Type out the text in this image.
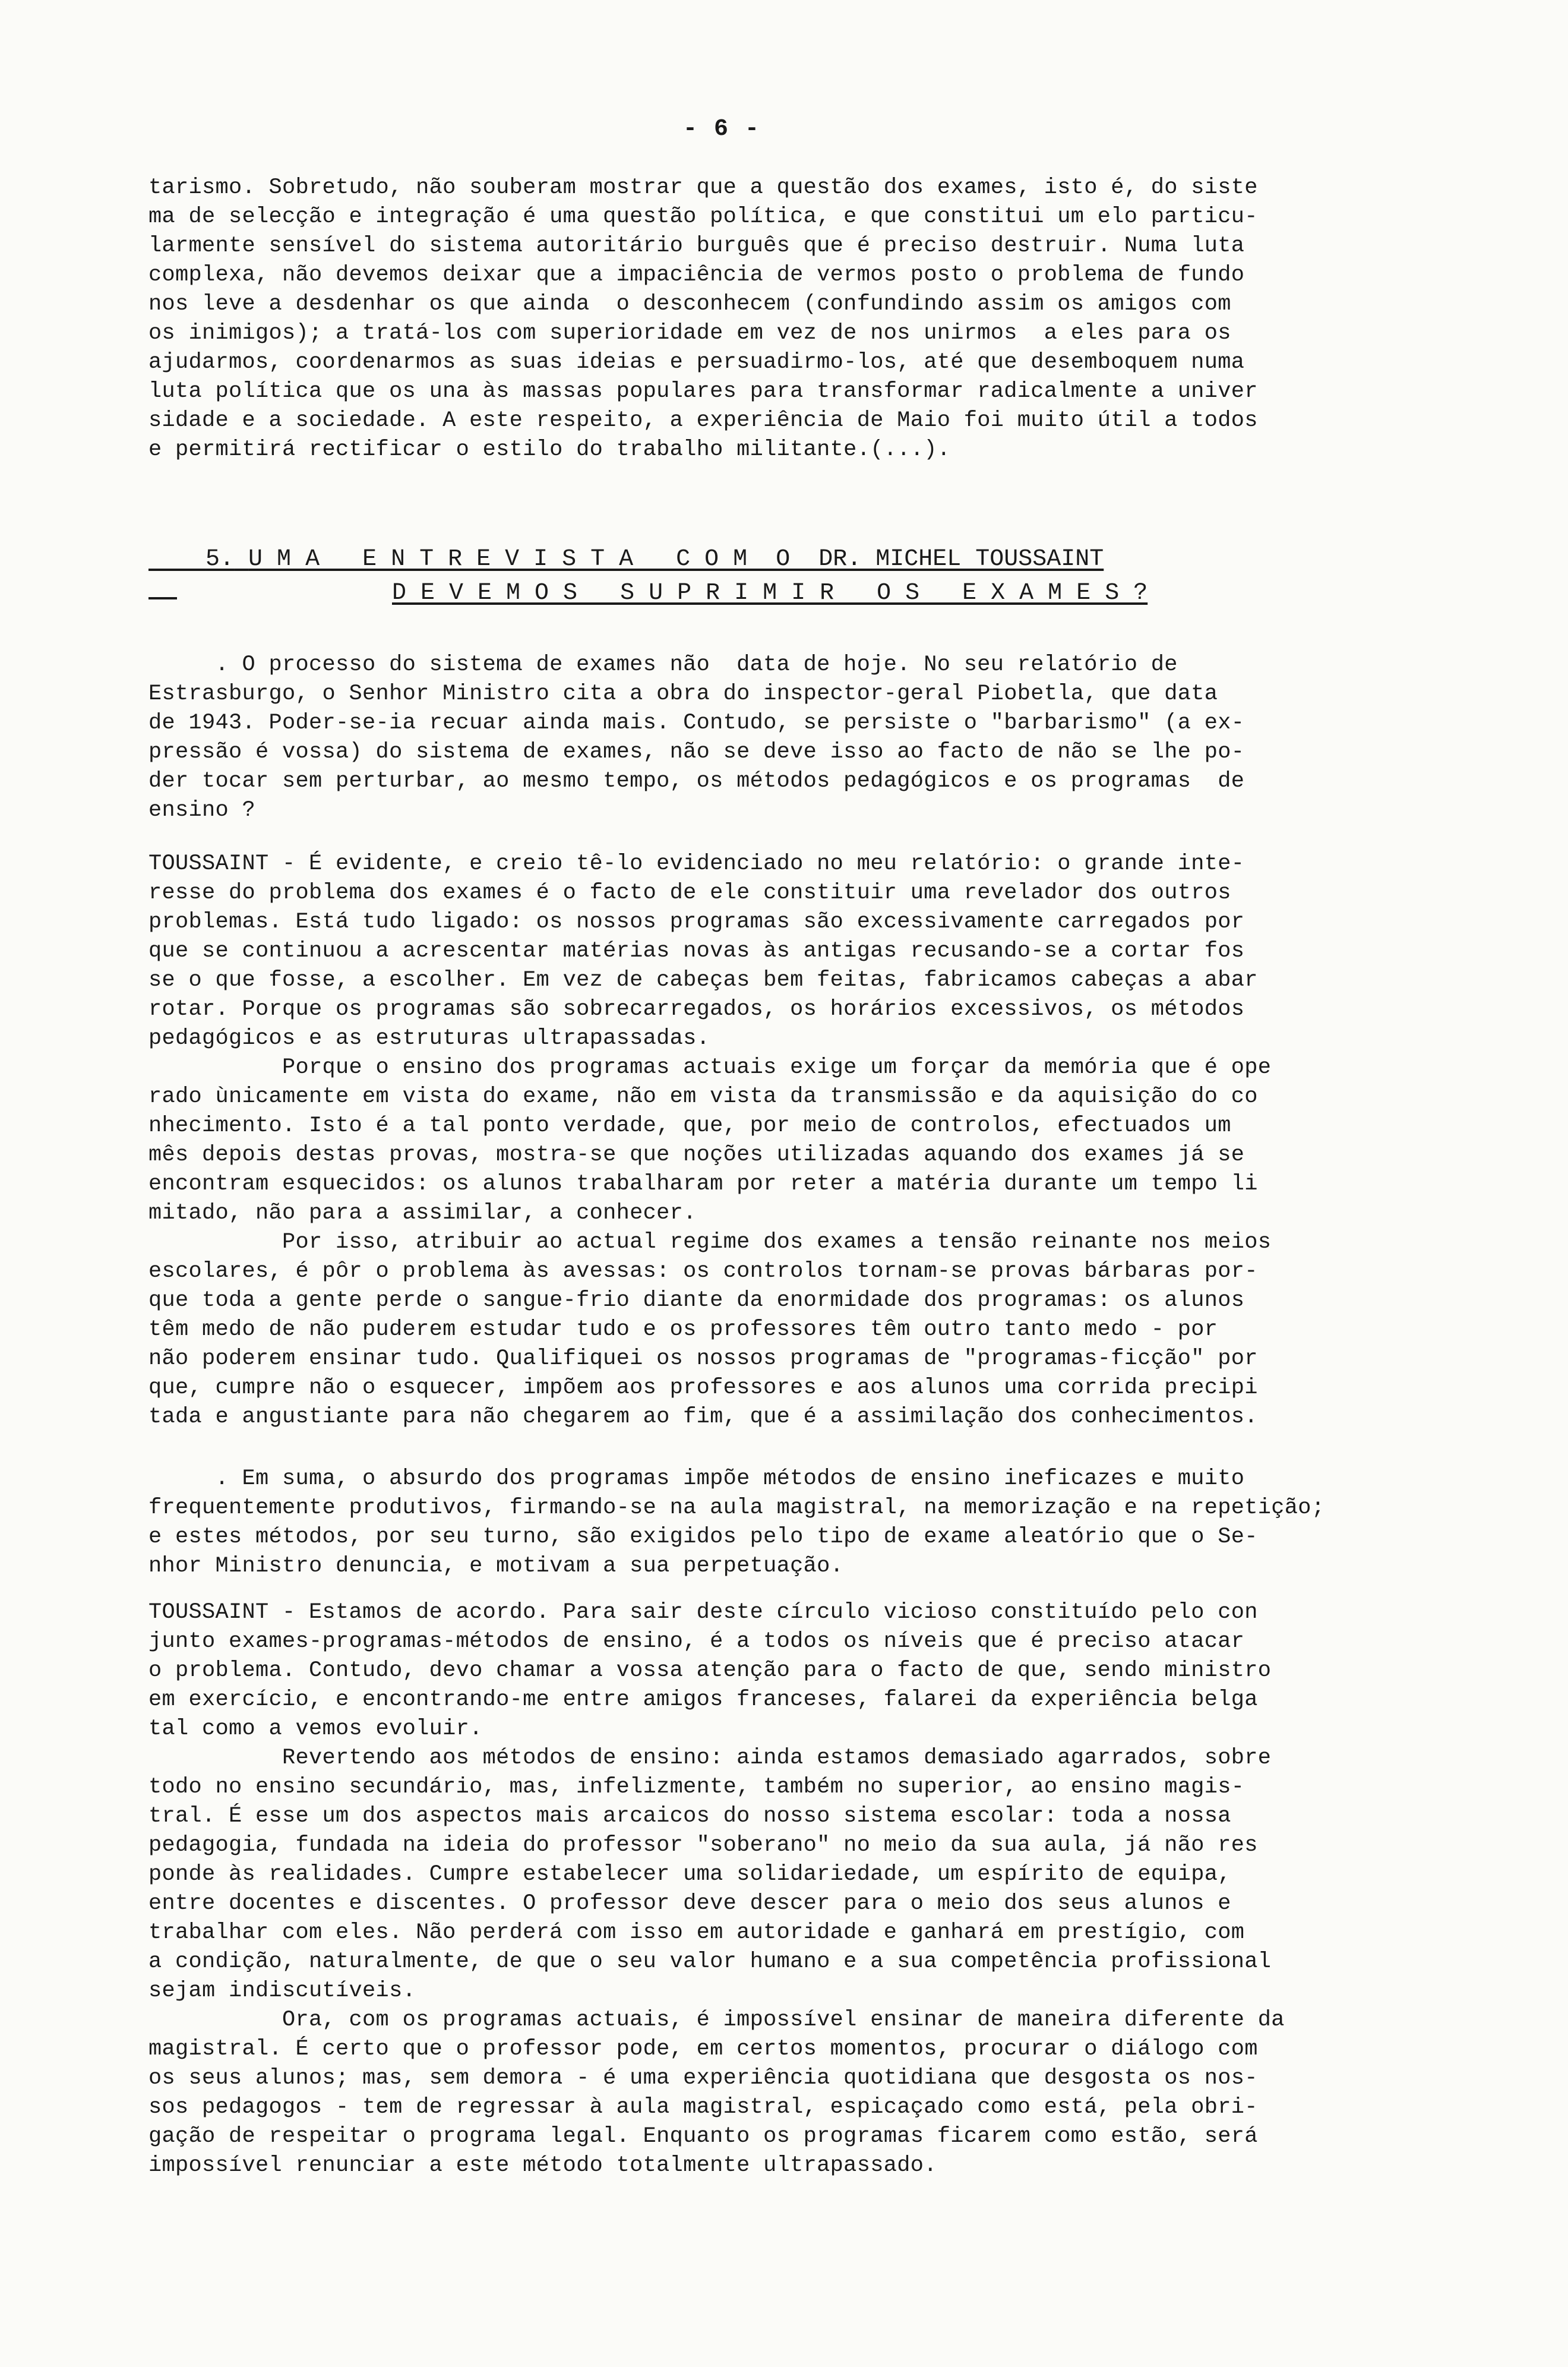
- 6 -
tarismo. Sobretudo, não souberam mostrar que a questão dos exames, isto é, do siste
ma de selecção e integração é uma questão política, e que constitui um elo particu-
larmente sensível do sistema autoritário burguês que é preciso destruir. Numa luta
complexa, não devemos deixar que a impaciência de vermos posto o problema de fundo
nos leve a desdenhar os que ainda  o desconhecem (confundindo assim os amigos com
os inimigos); a tratá-los com superioridade em vez de nos unirmos  a eles para os
ajudarmos, coordenarmos as suas ideias e persuadirmo-los, até que desemboquem numa
luta política que os una às massas populares para transformar radicalmente a univer
sidade e a sociedade. A este respeito, a experiência de Maio foi muito útil a todos
e permitirá rectificar o estilo do trabalho militante.(...).

5. U M A   E N T R E V I S T A   C O M  O  DR. MICHEL TOUSSAINT

D E V E M O S   S U P R I M I R   O S   E X A M E S ?
. O processo do sistema de exames não  data de hoje. No seu relatório de
Estrasburgo, o Senhor Ministro cita a obra do inspector-geral Piobetla, que data
de 1943. Poder-se-ia recuar ainda mais. Contudo, se persiste o "barbarismo" (a ex-
pressão é vossa) do sistema de exames, não se deve isso ao facto de não se lhe po-
der tocar sem perturbar, ao mesmo tempo, os métodos pedagógicos e os programas  de
ensino ?
TOUSSAINT - É evidente, e creio tê-lo evidenciado no meu relatório: o grande inte-
resse do problema dos exames é o facto de ele constituir uma revelador dos outros
problemas. Está tudo ligado: os nossos programas são excessivamente carregados por
que se continuou a acrescentar matérias novas às antigas recusando-se a cortar fos
se o que fosse, a escolher. Em vez de cabeças bem feitas, fabricamos cabeças a abar
rotar. Porque os programas são sobrecarregados, os horários excessivos, os métodos
pedagógicos e as estruturas ultrapassadas.
Porque o ensino dos programas actuais exige um forçar da memória que é ope
rado ùnicamente em vista do exame, não em vista da transmissão e da aquisição do co
nhecimento. Isto é a tal ponto verdade, que, por meio de controlos, efectuados um
mês depois destas provas, mostra-se que noções utilizadas aquando dos exames já se
encontram esquecidos: os alunos trabalharam por reter a matéria durante um tempo li
mitado, não para a assimilar, a conhecer.
Por isso, atribuir ao actual regime dos exames a tensão reinante nos meios
escolares, é pôr o problema às avessas: os controlos tornam-se provas bárbaras por-
que toda a gente perde o sangue-frio diante da enormidade dos programas: os alunos
têm medo de não puderem estudar tudo e os professores têm outro tanto medo - por
não poderem ensinar tudo. Qualifiquei os nossos programas de "programas-ficção" por
que, cumpre não o esquecer, impõem aos professores e aos alunos uma corrida precipi
tada e angustiante para não chegarem ao fim, que é a assimilação dos conhecimentos.
. Em suma, o absurdo dos programas impõe métodos de ensino ineficazes e muito
frequentemente produtivos, firmando-se na aula magistral, na memorização e na repetição;
e estes métodos, por seu turno, são exigidos pelo tipo de exame aleatório que o Se-
nhor Ministro denuncia, e motivam a sua perpetuação.
TOUSSAINT - Estamos de acordo. Para sair deste círculo vicioso constituído pelo con
junto exames-programas-métodos de ensino, é a todos os níveis que é preciso atacar
o problema. Contudo, devo chamar a vossa atenção para o facto de que, sendo ministro
em exercício, e encontrando-me entre amigos franceses, falarei da experiência belga
tal como a vemos evoluir.
Revertendo aos métodos de ensino: ainda estamos demasiado agarrados, sobre
todo no ensino secundário, mas, infelizmente, também no superior, ao ensino magis-
tral. É esse um dos aspectos mais arcaicos do nosso sistema escolar: toda a nossa
pedagogia, fundada na ideia do professor "soberano" no meio da sua aula, já não res
ponde às realidades. Cumpre estabelecer uma solidariedade, um espírito de equipa,
entre docentes e discentes. O professor deve descer para o meio dos seus alunos e
trabalhar com eles. Não perderá com isso em autoridade e ganhará em prestígio, com
a condição, naturalmente, de que o seu valor humano e a sua competência profissional
sejam indiscutíveis.
Ora, com os programas actuais, é impossível ensinar de maneira diferente da
magistral. É certo que o professor pode, em certos momentos, procurar o diálogo com
os seus alunos; mas, sem demora - é uma experiência quotidiana que desgosta os nos-
sos pedagogos - tem de regressar à aula magistral, espicaçado como está, pela obri-
gação de respeitar o programa legal. Enquanto os programas ficarem como estão, será
impossível renunciar a este método totalmente ultrapassado.
